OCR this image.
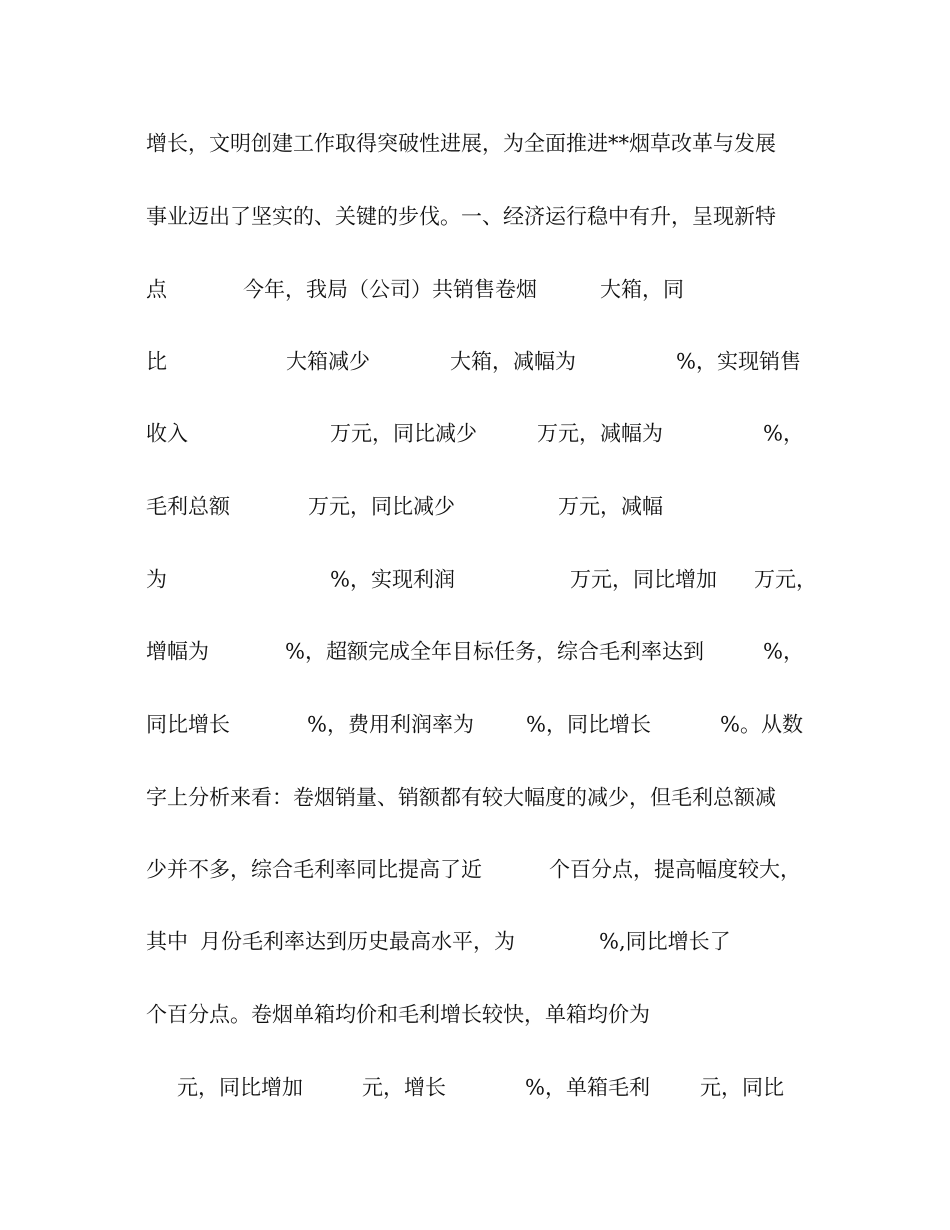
增长，文明创建工作取得突破性进展，为全面推进**烟草改革与发展
事业迈出了坚实的、关键的步伐。一、经济运行稳中有升，呈现新特
点	今年，我局（公司）共销售卷烟	大箱，同
比	大箱减少	大箱，减幅为	%，实现销售
收入	万元，同比减少	万元，减幅为	%，
毛利总额	万元，同比减少	万元，减幅
为	%，实现利润	万元，同比增加 万元，
增幅为	%，超额完成全年目标任务，综合毛利率达到	%，
同比增长	%，费用利润率为 %，同比增长	%。从数
字上分析来看：卷烟销量、销额都有较大幅度的减少，但毛利总额减
少并不多，综合毛利率同比提高了近	个百分点，提高幅度较大，
其中 月份毛利率达到历史最高水平，为	%,同比增长了
个百分点。卷烟单箱均价和毛利增长较快，单箱均价为
元，同比增加	元，增长	%，单箱毛利 元，同比
